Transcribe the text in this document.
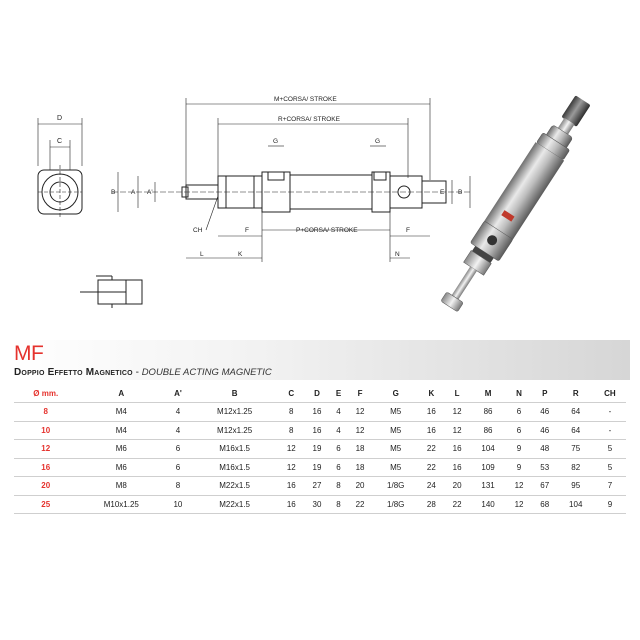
D
C
M+CORSA/ STROKE
R+CORSA/ STROKE
G	G
B A A'	E B
CH	F	P+CORSA/ STROKE	F
L	K	N
MF
Doppio Effetto Magnetico - DOUBLE ACTING MAGNETIC
Ø mm.	A	A'	B	C	D	E	F	G	K	L	M	N	P	R	CH
8	M4	4	M12x1.25	8	16	4	12	M5	16	12	86	6	46	64	-
10	M4	4	M12x1.25	8	16	4	12	M5	16	12	86	6	46	64	-
12	M6	6	M16x1.5	12	19	6	18	M5	22	16	104	9	48	75	5
16	M6	6	M16x1.5	12	19	6	18	M5	22	16	109	9	53	82	5
20	M8	8	M22x1.5	16	27	8	20	1/8G	24	20	131	12	67	95	7
25	M10x1.25	10	M22x1.5	16	30	8	22	1/8G	28	22	140	12	68	104	9
